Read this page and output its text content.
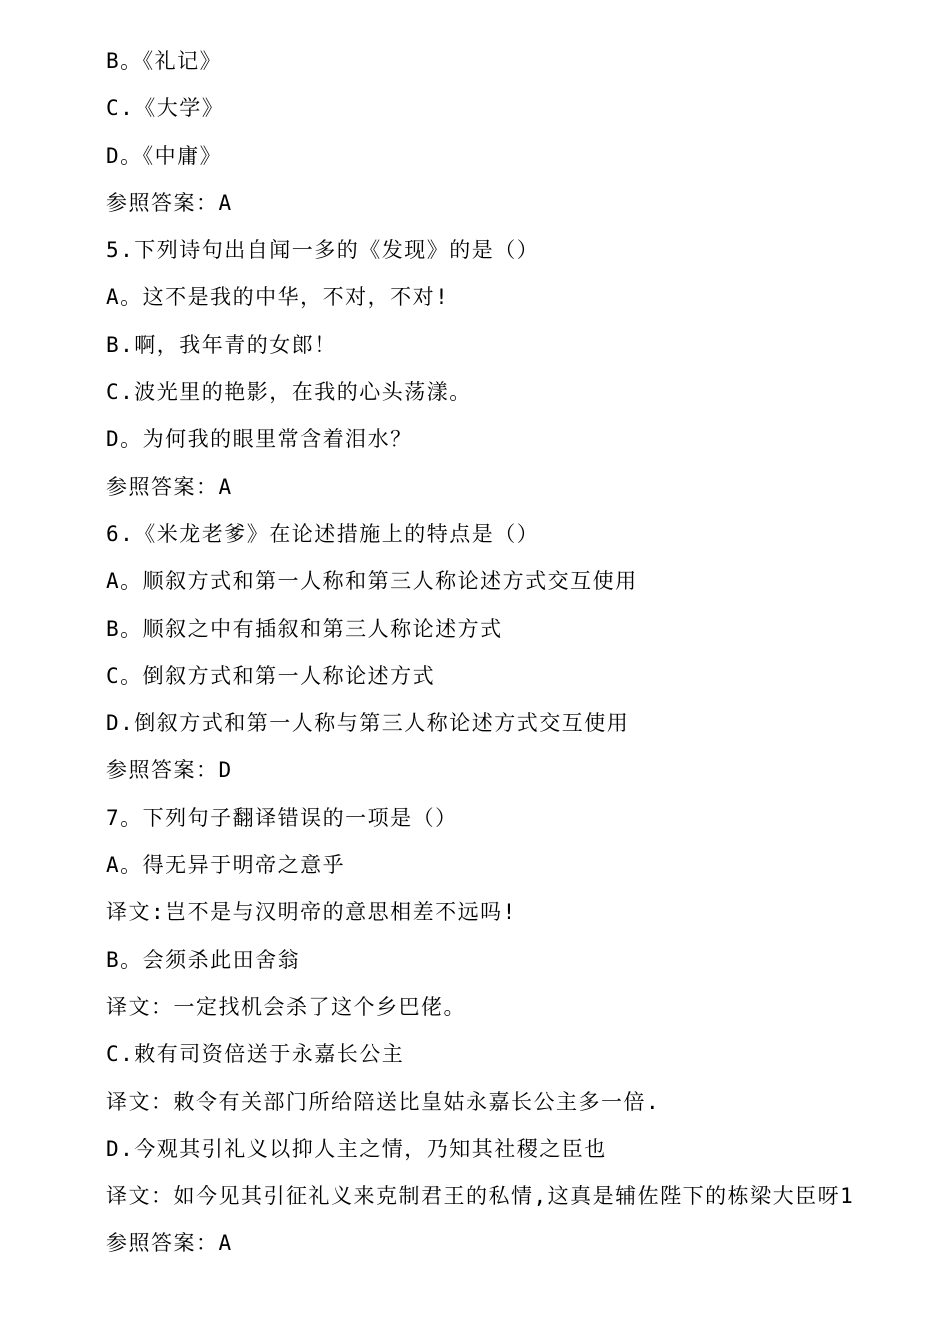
B。《礼记》
C.《大学》
D。《中庸》
参照答案：A
5.下列诗句出自闻一多的《发现》的是（）
A。这不是我的中华，不对，不对!
B.啊，我年青的女郎！
C.波光里的艳影，在我的心头荡漾。
D。为何我的眼里常含着泪水？
参照答案：A
6.《米龙老爹》在论述措施上的特点是（）
A。顺叙方式和第一人称和第三人称论述方式交互使用
B。顺叙之中有插叙和第三人称论述方式
C。倒叙方式和第一人称论述方式
D.倒叙方式和第一人称与第三人称论述方式交互使用
参照答案：D
7。下列句子翻译错误的一项是（）
A。得无异于明帝之意乎
译文:岂不是与汉明帝的意思相差不远吗!
B。会须杀此田舍翁
译文：一定找机会杀了这个乡巴佬。
C.敕有司资倍送于永嘉长公主
译文：敕令有关部门所给陪送比皇姑永嘉长公主多一倍.
D.今观其引礼义以抑人主之情，乃知其社稷之臣也
译文：如今见其引征礼义来克制君王的私情,这真是辅佐陛下的栋梁大臣呀1
参照答案：A
